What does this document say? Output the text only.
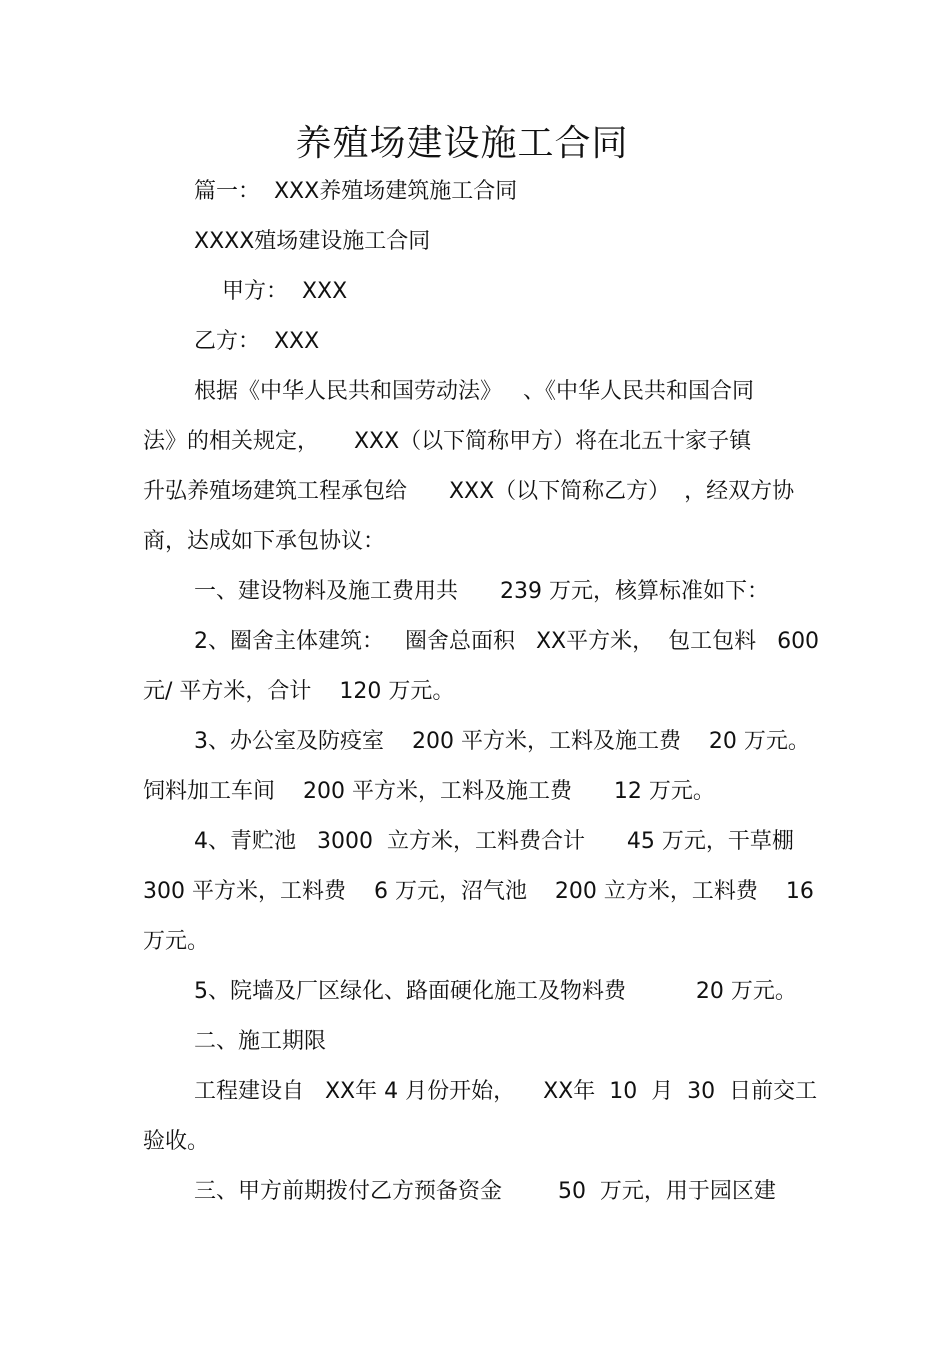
养殖场建设施工合同
篇一：  XXX养殖场建筑施工合同
XXXX殖场建设施工合同
甲方：  XXX
乙方：  XXX
根据《中华人民共和国劳动法》   、《中华人民共和国合同
法》的相关规定，     XXX（以下简称甲方）将在北五十家子镇
升弘养殖场建筑工程承包给      XXX（以下简称乙方）  ，经双方协
商，达成如下承包协议：
一、建设物料及施工费用共      239 万元，核算标准如下：
2、圈舍主体建筑：   圈舍总面积   XX平方米，  包工包料   600
元/ 平方米，合计    120 万元。
3、办公室及防疫室    200 平方米，工料及施工费    20 万元。
饲料加工车间    200 平方米，工料及施工费      12 万元。
4、青贮池   3000  立方米，工料费合计      45 万元，干草棚
300 平方米，工料费    6 万元，沼气池    200 立方米，工料费    16
万元。
5、院墙及厂区绿化、路面硬化施工及物料费          20 万元。
二、施工期限
工程建设自   XX年 4 月份开始，    XX年  10  月  30  日前交工
验收。
三、甲方前期拨付乙方预备资金        50  万元，用于园区建
